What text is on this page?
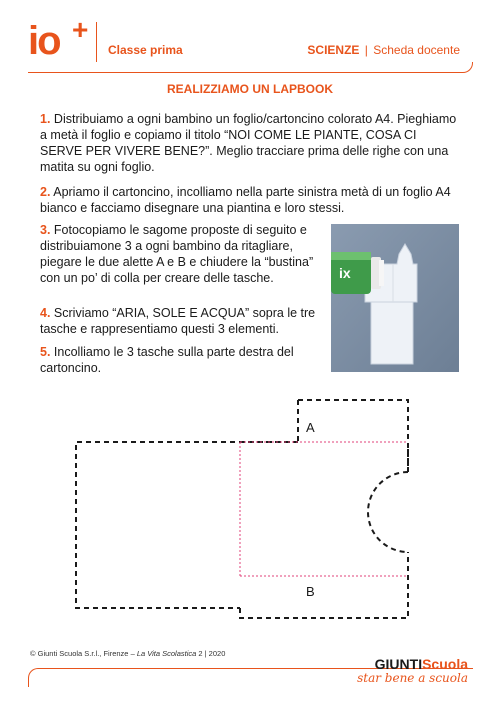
io +
Classe prima	SCIENZE | Scheda docente
REALIZZIAMO UN LAPBOOK
1. Distribuiamo a ogni bambino un foglio/cartoncino colorato A4. Pieghiamo a metà il foglio e copiamo il titolo “NOI COME LE PIANTE, COSA CI SERVE PER VIVERE BENE?”. Meglio tracciare prima delle righe con una matita su ogni foglio.
2. Apriamo il cartoncino, incolliamo nella parte sinistra metà di un foglio A4 bianco e facciamo disegnare una piantina e loro stessi.
3. Fotocopiamo le sagome proposte di seguito e distribuiamone 3 a ogni bambino da ritagliare, piegare le due alette A e B e chiudere la “bustina” con un po’ di colla per creare delle tasche.
4. Scriviamo “ARIA, SOLE E ACQUA” sopra le tre tasche e rappresentiamo questi 3 elementi.
5. Incolliamo le 3 tasche sulla parte destra del cartoncino.
ix
A
B
© Giunti Scuola S.r.l., Firenze – La Vita Scolastica 2 | 2020
GIUNTIScuola
star bene a scuola
